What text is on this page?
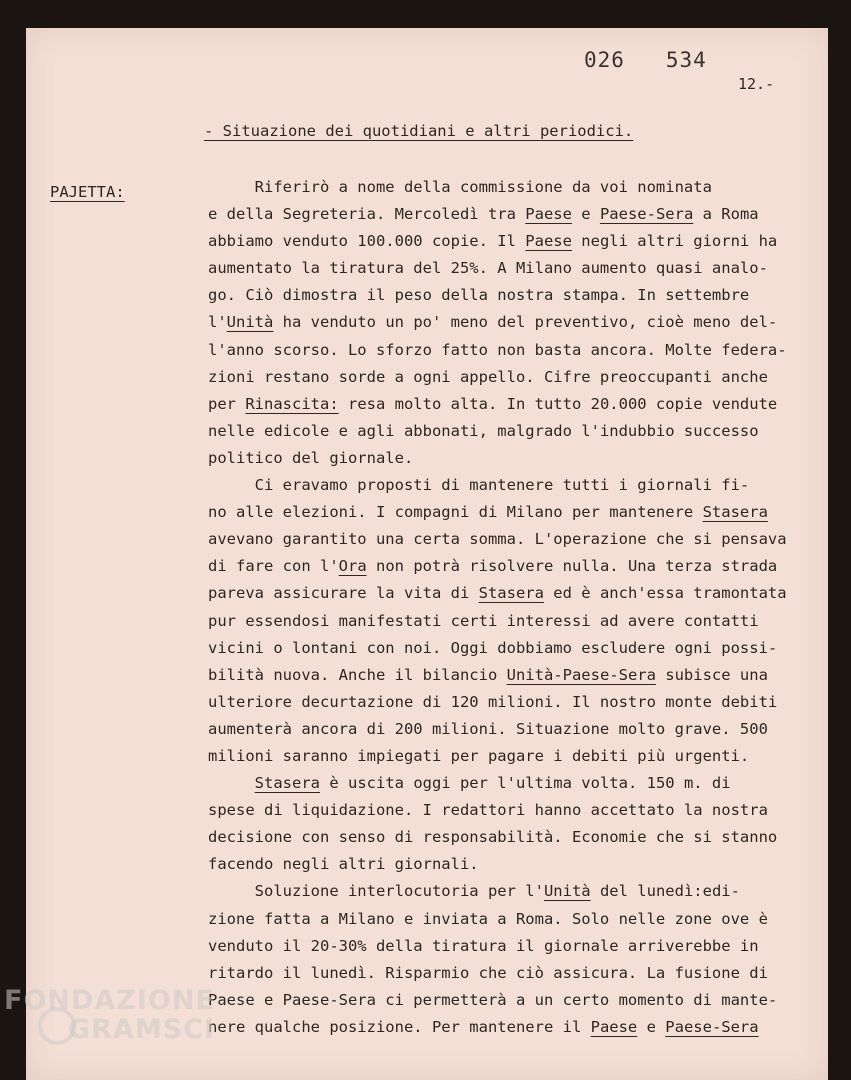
026   534
12.-
- Situazione dei quotidiani e altri periodici.
PAJETTA:	Riferirò a nome della commissione da voi nominata
e della Segreteria. Mercoledì tra Paese e Paese-Sera a Roma
abbiamo venduto 100.000 copie. Il Paese negli altri giorni ha
aumentato la tiratura del 25%. A Milano aumento quasi analo-
go. Ciò dimostra il peso della nostra stampa. In settembre
l'Unità ha venduto un po' meno del preventivo, cioè meno del-
l'anno scorso. Lo sforzo fatto non basta ancora. Molte federa-
zioni restano sorde a ogni appello. Cifre preoccupanti anche
per Rinascita: resa molto alta. In tutto 20.000 copie vendute
nelle edicole e agli abbonati, malgrado l'indubbio successo
politico del giornale.
Ci eravamo proposti di mantenere tutti i giornali fi-
no alle elezioni. I compagni di Milano per mantenere Stasera
avevano garantito una certa somma. L'operazione che si pensava
di fare con l'Ora non potrà risolvere nulla. Una terza strada
pareva assicurare la vita di Stasera ed è anch'essa tramontata
pur essendosi manifestati certi interessi ad avere contatti
vicini o lontani con noi. Oggi dobbiamo escludere ogni possi-
bilità nuova. Anche il bilancio Unità-Paese-Sera subisce una
ulteriore decurtazione di 120 milioni. Il nostro monte debiti
aumenterà ancora di 200 milioni. Situazione molto grave. 500
milioni saranno impiegati per pagare i debiti più urgenti.
Stasera è uscita oggi per l'ultima volta. 150 m. di
spese di liquidazione. I redattori hanno accettato la nostra
decisione con senso di responsabilità. Economie che si stanno
facendo negli altri giornali.
Soluzione interlocutoria per l'Unità del lunedì:edi-
zione fatta a Milano e inviata a Roma. Solo nelle zone ove è
venduto il 20-30% della tiratura il giornale arriverebbe in
ritardo il lunedì. Risparmio che ciò assicura. La fusione di
Paese e Paese-Sera ci permetterà a un certo momento di mante-
nere qualche posizione. Per mantenere il Paese e Paese-Sera
FONDAZIONE
GRAMSCI
